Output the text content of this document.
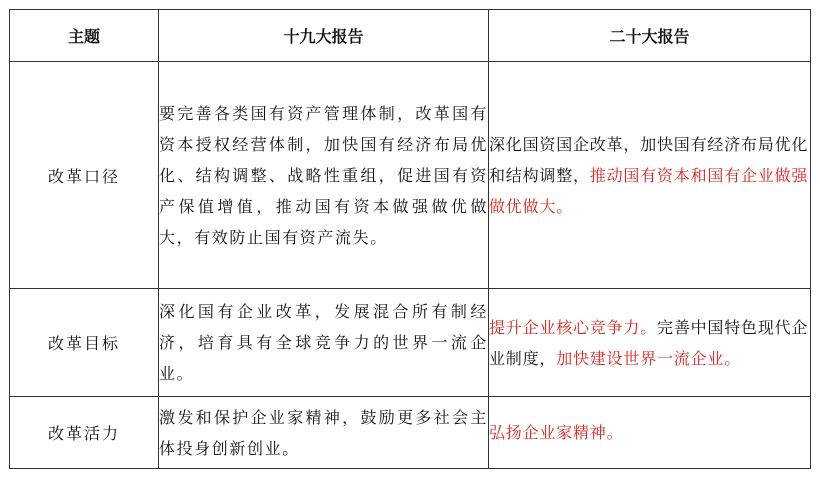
主题	十九大报告	二十大报告
改革口径	要完善各类国有资产管理体制，改革国有资本授权经营体制，加快国有经济布局优化、结构调整、战略性重组，促进国有资产保值增值，推动国有资本做强做优做大，有效防止国有资产流失。	深化国资国企改革，加快国有经济布局优化和结构调整，推动国有资本和国有企业做强做优做大。
改革目标	深化国有企业改革，发展混合所有制经济，培育具有全球竞争力的世界一流企业。	提升企业核心竞争力。完善中国特色现代企业制度，加快建设世界一流企业。
改革活力	激发和保护企业家精神，鼓励更多社会主体投身创新创业。	弘扬企业家精神。
